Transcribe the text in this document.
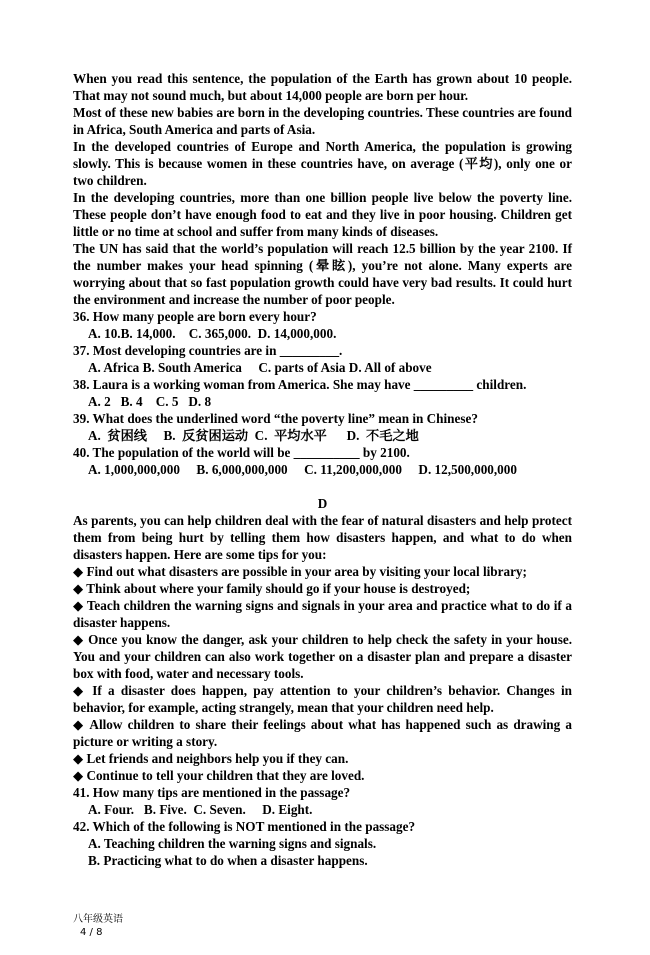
When you read this sentence, the population of the Earth has grown about 10 people. That may not sound much, but about 14,000 people are born per hour.
Most of these new babies are born in the developing countries. These countries are found in Africa, South America and parts of Asia.
In the developed countries of Europe and North America, the population is growing slowly. This is because women in these countries have, on average (平均), only one or two children.
In the developing countries, more than one billion people live below the poverty line. These people don’t have enough food to eat and they live in poor housing. Children get little or no time at school and suffer from many kinds of diseases.
The UN has said that the world’s population will reach 12.5 billion by the year 2100. If the number makes your head spinning (晕眩), you’re not alone. Many experts are worrying about that so fast population growth could have very bad results. It could hurt the environment and increase the number of poor people.
36. How many people are born every hour?
A. 10.B. 14,000.    C. 365,000.  D. 14,000,000.
37. Most developing countries are in _________.
A. Africa B. South America     C. parts of Asia D. All of above
38. Laura is a working woman from America. She may have _________ children.
A. 2   B. 4    C. 5   D. 8
39. What does the underlined word “the poverty line” mean in Chinese?
A.  贫困线     B.  反贫困运动  C.  平均水平      D.  不毛之地
40. The population of the world will be __________ by 2100.
A. 1,000,000,000     B. 6,000,000,000     C. 11,200,000,000     D. 12,500,000,000
D
As parents, you can help children deal with the fear of natural disasters and help protect them from being hurt by telling them how disasters happen, and what to do when disasters happen. Here are some tips for you:
◆ Find out what disasters are possible in your area by visiting your local library;
◆ Think about where your family should go if your house is destroyed;
◆ Teach children the warning signs and signals in your area and practice what to do if a disaster happens.
◆ Once you know the danger, ask your children to help check the safety in your house. You and your children can also work together on a disaster plan and prepare a disaster box with food, water and necessary tools.
◆ If a disaster does happen, pay attention to your children’s behavior. Changes in behavior, for example, acting strangely, mean that your children need help.
◆ Allow children to share their feelings about what has happened such as drawing a picture or writing a story.
◆ Let friends and neighbors help you if they can.
◆ Continue to tell your children that they are loved.
41. How many tips are mentioned in the passage?
A. Four.   B. Five.  C. Seven.     D. Eight.
42. Which of the following is NOT mentioned in the passage?
A. Teaching children the warning signs and signals.
B. Practicing what to do when a disaster happens.
八年级英语
4 / 8
